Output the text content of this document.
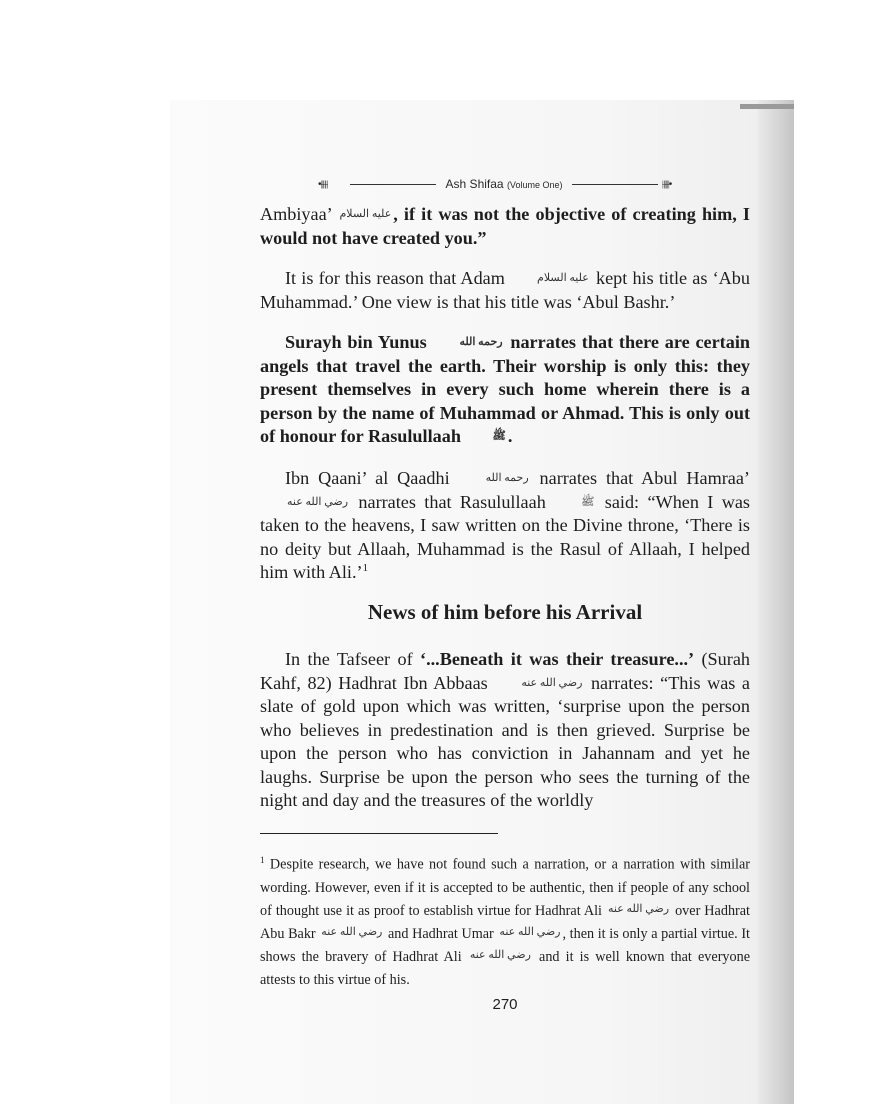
•⫲⫲⫲	Ash Shifaa (Volume One)	⫲⫲⫲•

Ambiyaa’ عليه السلام , if it was not the objective of creating him, I would not have created you.”

It is for this reason that Adam عليه السلام kept his title as ‘Abu Muhammad.’ One view is that his title was ‘Abul Bashr.’

Surayh bin Yunus رحمه الله narrates that there are certain angels that travel the earth. Their worship is only this: they present themselves in every such home wherein there is a person by the name of Muhammad or Ahmad. This is only out of honour for Rasulullaah ﷺ .

Ibn Qaani’ al Qaadhi رحمه الله narrates that Abul Hamraa’ رضي الله عنه narrates that Rasulullaah ﷺ said: “When I was taken to the heavens, I saw written on the Divine throne, ‘There is no deity but Allaah, Muhammad is the Rasul of Allaah, I helped him with Ali.’$^1$

News of him before his Arrival

In the Tafseer of ‘...Beneath it was their treasure...’ (Surah Kahf, 82) Hadhrat Ibn Abbaas رضي الله عنه narrates: “This was a slate of gold upon which was written, ‘surprise upon the person who believes in predestination and is then grieved. Surprise be upon the person who has conviction in Jahannam and yet he laughs. Surprise be upon the person who sees the turning of the night and day and the treasures of the worldly

$^1$ Despite research, we have not found such a narration, or a narration with similar wording. However, even if it is accepted to be authentic, then if people of any school of thought use it as proof to establish virtue for Hadhrat Ali رضي الله عنه over Hadhrat Abu Bakr رضي الله عنه and Hadhrat Umar رضي الله عنه , then it is only a partial virtue. It shows the bravery of Hadhrat Ali رضي الله عنه and it is well known that everyone attests to this virtue of his.
270
